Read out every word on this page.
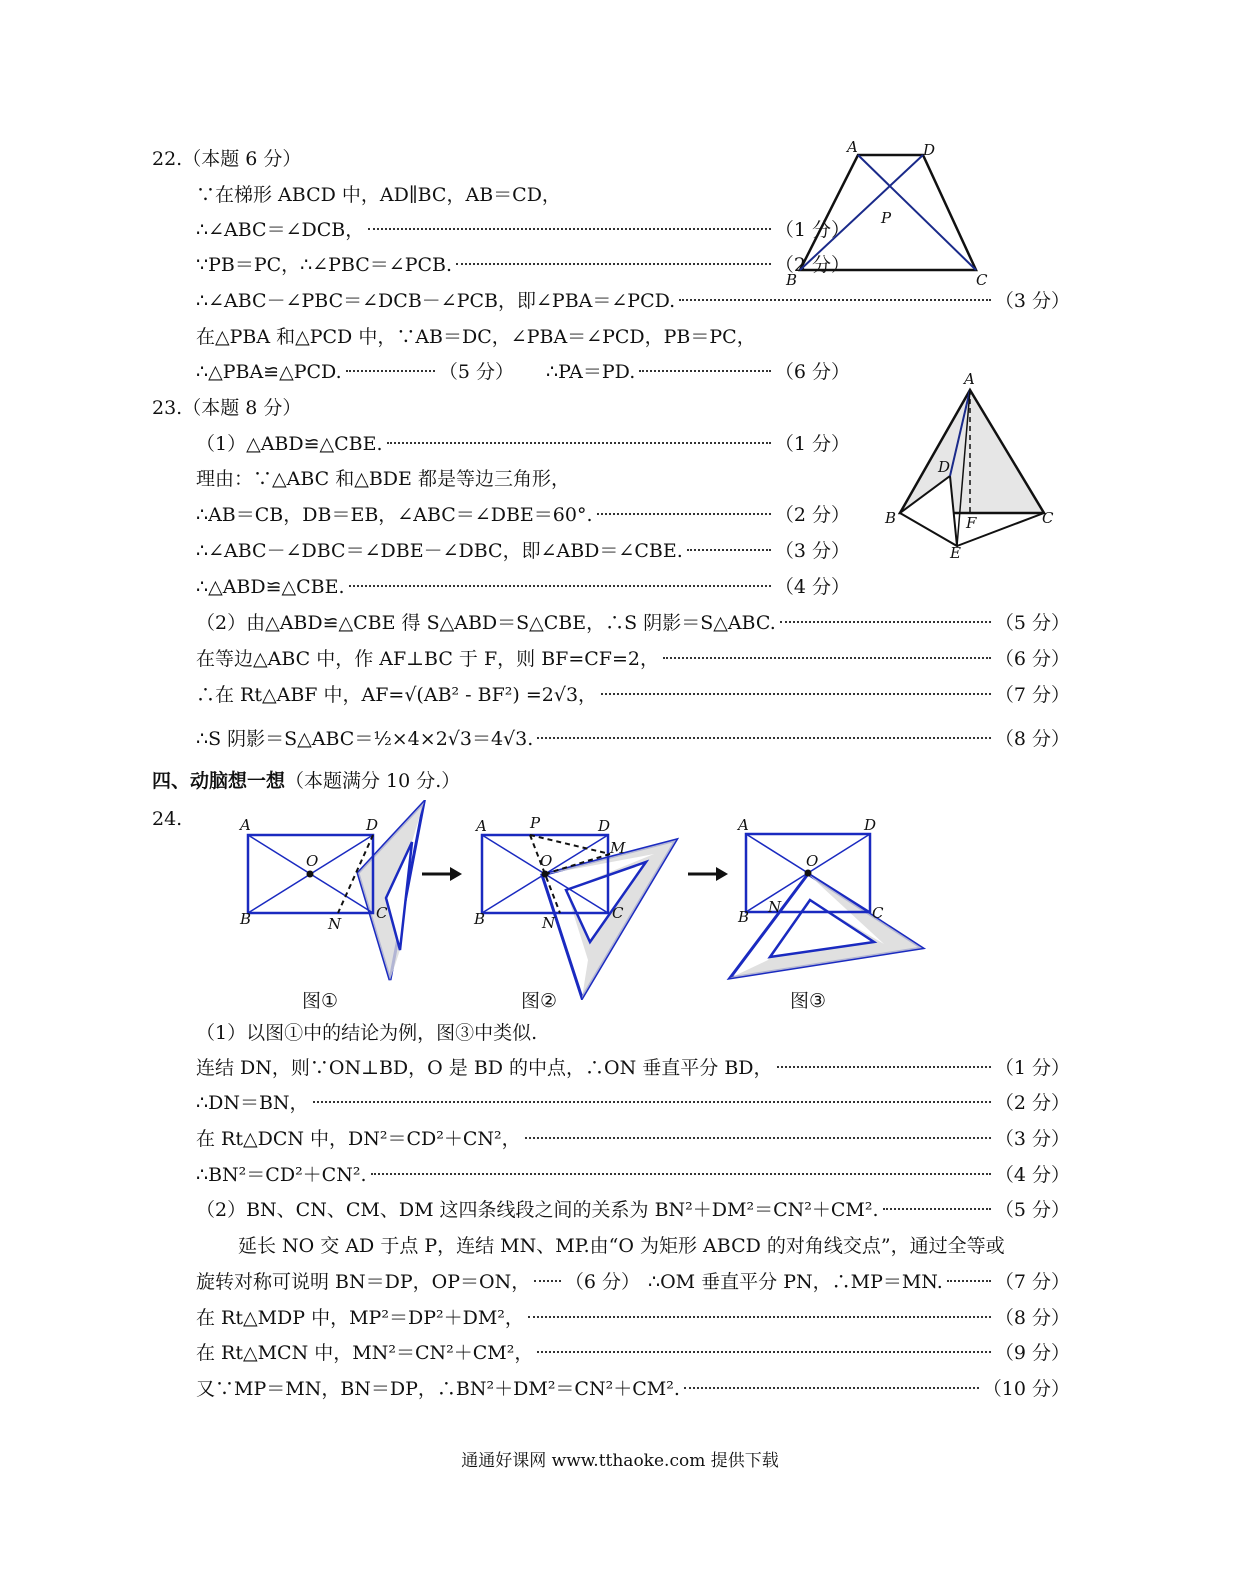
22.（本题 6 分）
∵在梯形 ABCD 中，AD∥BC，AB＝CD，
∴∠ABC＝∠DCB，	（1 分）
∵PB＝PC，∴∠PBC＝∠PCB.	（2 分）
∴∠ABC－∠PBC＝∠DCB－∠PCB，即∠PBA＝∠PCD.	（3 分）
在△PBA 和△PCD 中，∵AB＝DC，∠PBA＝∠PCD，PB＝PC，
∴△PBA≌△PCD.	（5 分） ∴PA＝PD.	（6 分）
A	D
P
B	C
23.（本题 8 分）
（1）△ABD≌△CBE.	（1 分）
理由：∵△ABC 和△BDE 都是等边三角形，
∴AB＝CB，DB＝EB，∠ABC＝∠DBE＝60°.	（2 分）
∴∠ABC－∠DBC＝∠DBE－∠DBC，即∠ABD＝∠CBE.	（3 分）
∴△ABD≌△CBE.	（4 分）
（2）由△ABD≌△CBE 得 S△ABD＝S△CBE，∴S 阴影＝S△ABC.	（5 分）
在等边△ABC 中，作 AF⊥BC 于 F，则 BF=CF=2，	（6 分）
∴在 Rt△ABF 中，AF=√(AB² - BF²) =2√3，	（7 分）
∴S 阴影＝S△ABC＝½×4×2√3＝4√3.	（8 分）
A
D
B	F	C
E
四、动脑想一想（本题满分 10 分.）
24.	A	D
O
B	N
C
图①
A	P	D
M
O
B	N
C
图②
A	D
O
B
N	C
图③
（1）以图①中的结论为例，图③中类似.
连结 DN，则∵ON⊥BD，O 是 BD 的中点，∴ON 垂直平分 BD，	（1 分）
∴DN＝BN，	（2 分）
在 Rt△DCN 中，DN²＝CD²＋CN²，	（3 分）
∴BN²＝CD²＋CN².	（4 分）
（2）BN、CN、CM、DM 这四条线段之间的关系为 BN²＋DM²＝CN²＋CM².	（5 分）
延长 NO 交 AD 于点 P，连结 MN、MP.由“O 为矩形 ABCD 的对角线交点”，通过全等或
旋转对称可说明 BN＝DP，OP＝ON， （6 分） ∴OM 垂直平分 PN，∴MP＝MN.	（7 分）
在 Rt△MDP 中，MP²＝DP²＋DM²，	（8 分）
在 Rt△MCN 中，MN²＝CN²＋CM²，	（9 分）
又∵MP＝MN，BN＝DP，∴BN²＋DM²＝CN²＋CM².	（10 分）
通通好课网 www.tthaoke.com 提供下载
